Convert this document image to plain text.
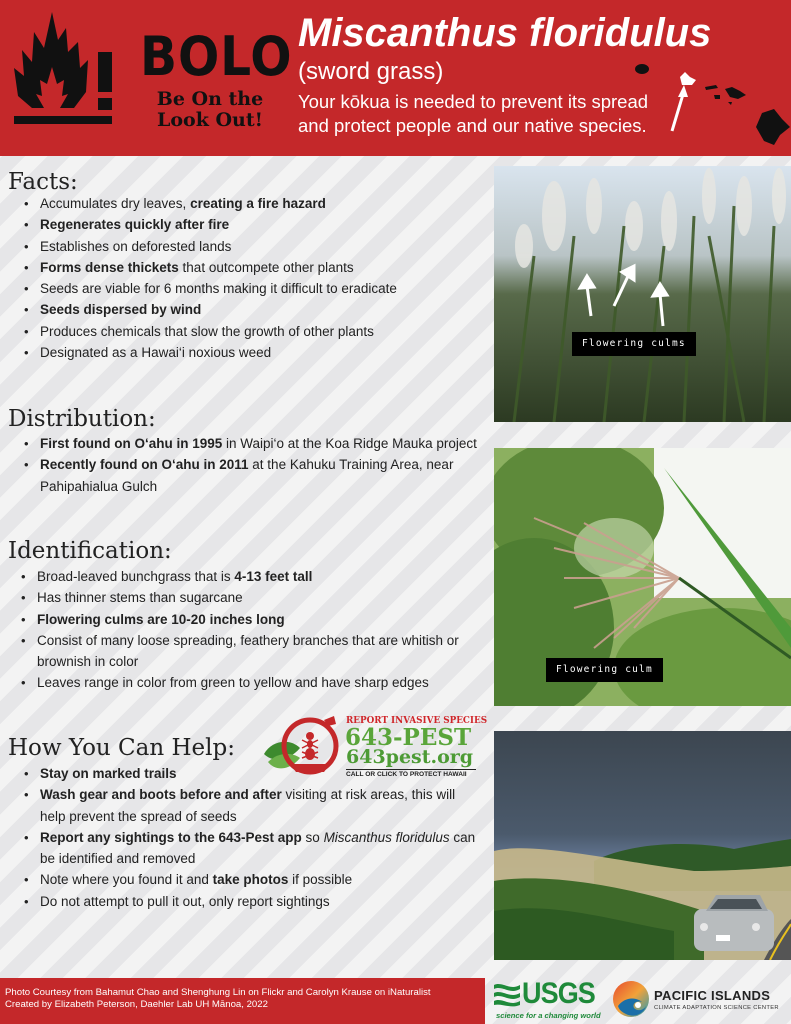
BOLO
Be On the
Look Out!
Miscanthus floridulus
(sword grass)
Your kōkua is needed to prevent its spread
and protect people and our native species.
Facts:
• Accumulates dry leaves, creating a fire hazard
• Regenerates quickly after fire
• Establishes on deforested lands
• Forms dense thickets that outcompete other plants
• Seeds are viable for 6 months making it difficult to eradicate
• Seeds dispersed by wind
• Produces chemicals that slow the growth of other plants
• Designated as a Hawai‘i noxious weed
Distribution:
• First found on O‘ahu in 1995 in Waipi‘o at the Koa Ridge Mauka project
• Recently found on O‘ahu in 2011 at the Kahuku Training Area, near Pahipahialua Gulch
Identification:
• Broad-leaved bunchgrass that is 4-13 feet tall
• Has thinner stems than sugarcane
• Flowering culms are 10-20 inches long
• Consist of many loose spreading, feathery branches that are whitish or brownish in color
• Leaves range in color from green to yellow and have sharp edges
How You Can Help:
• Stay on marked trails
• Wash gear and boots before and after visiting at risk areas, this will help prevent the spread of seeds
• Report any sightings to the 643-Pest app so Miscanthus floridulus can be identified and removed
• Note where you found it and take photos if possible
• Do not attempt to pull it out, only report sightings
REPORT INVASIVE SPECIES
643-PEST
643pest.org
CALL OR CLICK TO PROTECT HAWAII
Flowering culms
Flowering culm
Photo Courtesy from Bahamut Chao and Shenghung Lin on Flickr and Carolyn Krause on iNaturalist
Created by Elizabeth Peterson, Daehler Lab UH Mānoa, 2022	USGS
science for a changing world
PACIFIC ISLANDS
CLIMATE ADAPTATION SCIENCE CENTER
